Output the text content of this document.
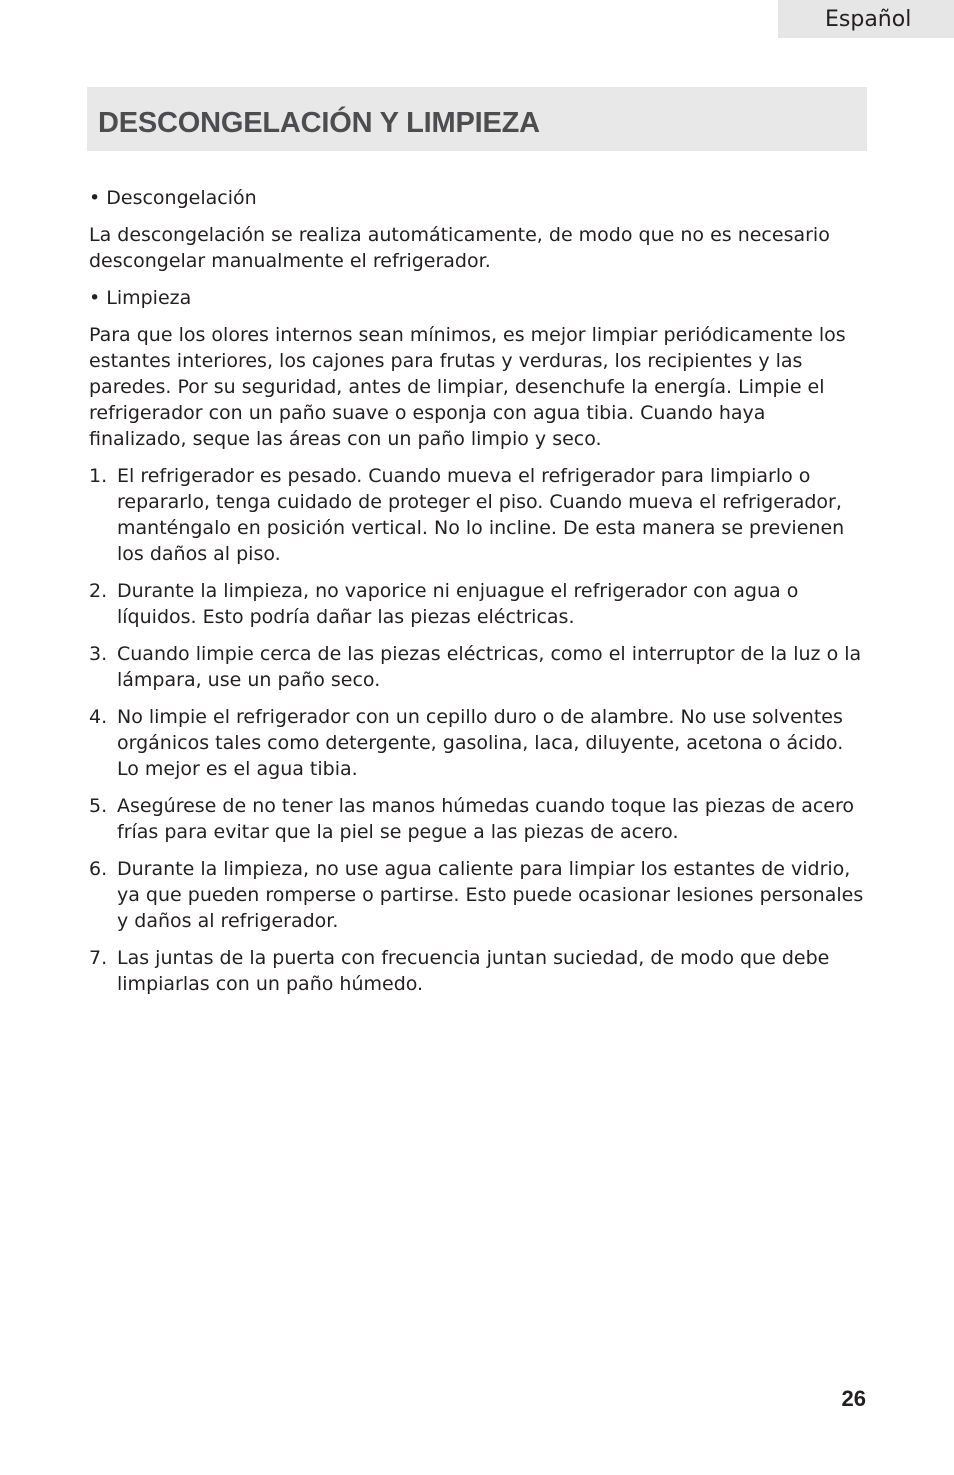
Español
DESCONGELACIÓN Y LIMPIEZA

• Descongelación

La descongelación se realiza automáticamente, de modo que no es necesario descongelar manualmente el refrigerador.

• Limpieza

Para que los olores internos sean mínimos, es mejor limpiar periódicamente los estantes interiores, los cajones para frutas y verduras, los recipientes y las paredes. Por su seguridad, antes de limpiar, desenchufe la energía. Limpie el refrigerador con un paño suave o esponja con agua tibia. Cuando haya finalizado, seque las áreas con un paño limpio y seco.

1. El refrigerador es pesado. Cuando mueva el refrigerador para limpiarlo o repararlo, tenga cuidado de proteger el piso. Cuando mueva el refrigerador, manténgalo en posición vertical. No lo incline. De esta manera se previenen los daños al piso.
2. Durante la limpieza, no vaporice ni enjuague el refrigerador con agua o líquidos. Esto podría dañar las piezas eléctricas.
3. Cuando limpie cerca de las piezas eléctricas, como el interruptor de la luz o la lámpara, use un paño seco.
4. No limpie el refrigerador con un cepillo duro o de alambre. No use solventes orgánicos tales como detergente, gasolina, laca, diluyente, acetona o ácido. Lo mejor es el agua tibia.
5. Asegúrese de no tener las manos húmedas cuando toque las piezas de acero frías para evitar que la piel se pegue a las piezas de acero.
6. Durante la limpieza, no use agua caliente para limpiar los estantes de vidrio, ya que pueden romperse o partirse. Esto puede ocasionar lesiones personales y daños al refrigerador.
7. Las juntas de la puerta con frecuencia juntan suciedad, de modo que debe limpiarlas con un paño húmedo.
26
